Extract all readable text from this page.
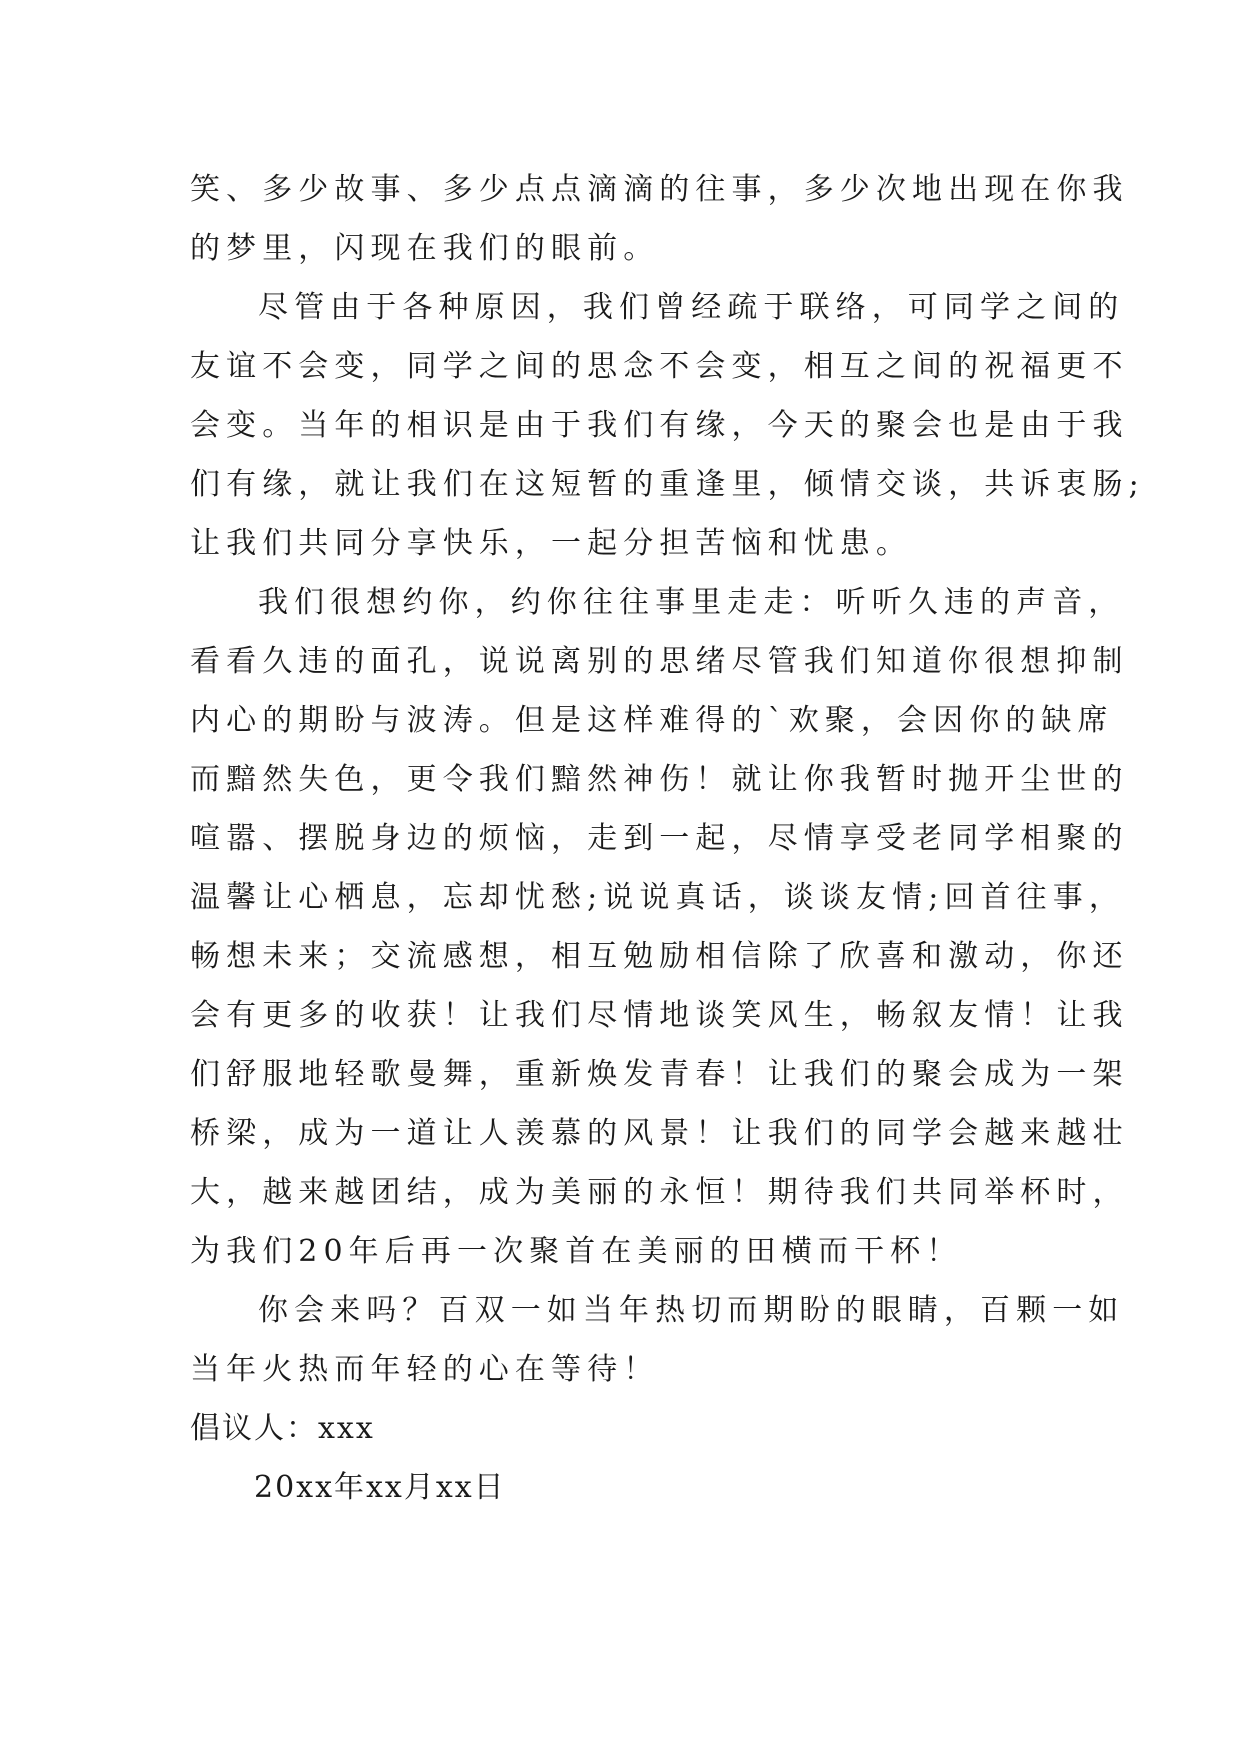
笑、多少故事、多少点点滴滴的往事，多少次地出现在你我
的梦里，闪现在我们的眼前。
尽管由于各种原因，我们曾经疏于联络，可同学之间的
友谊不会变，同学之间的思念不会变，相互之间的祝福更不
会变。当年的相识是由于我们有缘，今天的聚会也是由于我
们有缘，就让我们在这短暂的重逢里，倾情交谈，共诉衷肠;
让我们共同分享快乐，一起分担苦恼和忧患。
我们很想约你，约你往往事里走走：听听久违的声音，
看看久违的面孔，说说离别的思绪尽管我们知道你很想抑制
内心的期盼与波涛。但是这样难得的`欢聚，会因你的缺席
而黯然失色，更令我们黯然神伤！就让你我暂时抛开尘世的
喧嚣、摆脱身边的烦恼，走到一起，尽情享受老同学相聚的
温馨让心栖息，忘却忧愁;说说真话，谈谈友情;回首往事，
畅想未来；交流感想，相互勉励相信除了欣喜和激动，你还
会有更多的收获！让我们尽情地谈笑风生，畅叙友情！让我
们舒服地轻歌曼舞，重新焕发青春！让我们的聚会成为一架
桥梁，成为一道让人羡慕的风景！让我们的同学会越来越壮
大，越来越团结，成为美丽的永恒！期待我们共同举杯时，
为我们20年后再一次聚首在美丽的田横而干杯！
你会来吗？百双一如当年热切而期盼的眼睛，百颗一如
当年火热而年轻的心在等待！
倡议人：xxx
20xx年xx月xx日
